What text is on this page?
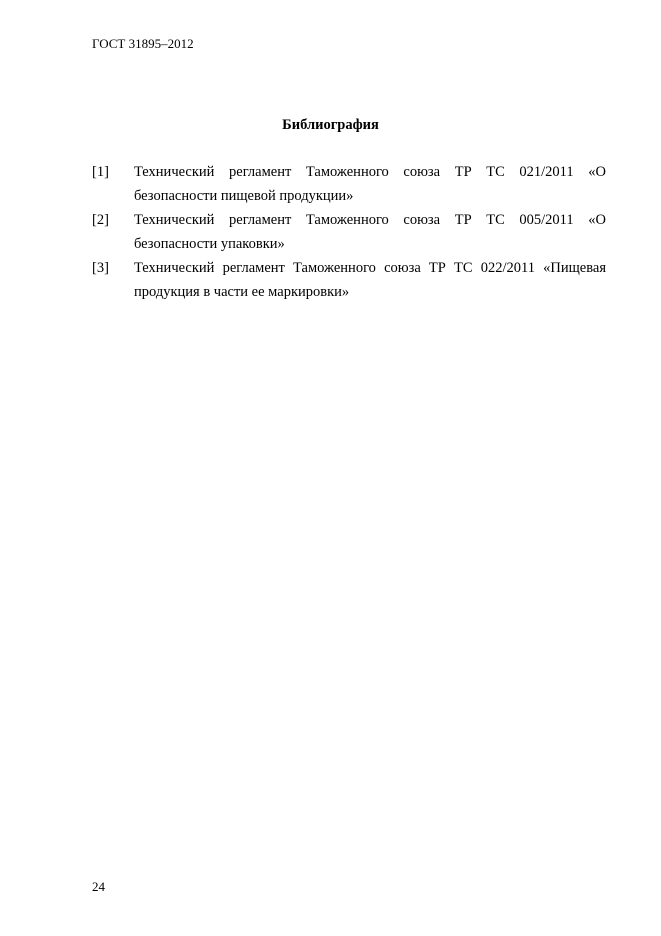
ГОСТ 31895–2012
Библиография
[1] Технический регламент Таможенного союза ТР ТС 021/2011 «О
безопасности пищевой продукции»
[2] Технический регламент Таможенного союза ТР ТС 005/2011 «О
безопасности упаковки»
[3] Технический регламент Таможенного союза ТР ТС 022/2011 «Пищевая
продукция в части ее маркировки»
24
